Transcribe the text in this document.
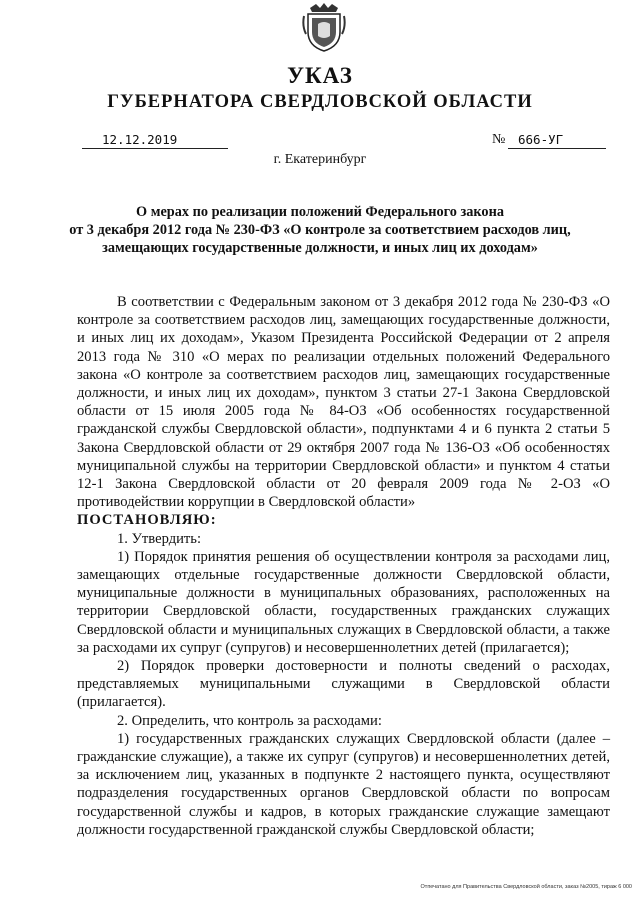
УКАЗ
ГУБЕРНАТОРА СВЕРДЛОВСКОЙ ОБЛАСТИ
12.12.2019	№	666-УГ
г. Екатеринбург
О мерах по реализации положений Федерального закона
от 3 декабря 2012 года № 230-ФЗ «О контроле за соответствием расходов лиц,
замещающих государственные должности, и иных лиц их доходам»

В соответствии с Федеральным законом от 3 декабря 2012 года № 230-ФЗ «О контроле за соответствием расходов лиц, замещающих государственные должности, и иных лиц их доходам», Указом Президента Российской Федерации от 2 апреля 2013 года № 310 «О мерах по реализации отдельных положений Федерального закона «О контроле за соответствием расходов лиц, замещающих государственные должности, и иных лиц их доходам», пунктом 3 статьи 27-1 Закона Свердловской области от 15 июля 2005 года № 84-ОЗ «Об особенностях государственной гражданской службы Свердловской области», подпунктами 4 и 6 пункта 2 статьи 5 Закона Свердловской области от 29 октября 2007 года № 136-ОЗ «Об особенностях муниципальной службы на территории Свердловской области» и пунктом 4 статьи 12-1 Закона Свердловской области от 20 февраля 2009 года № 2-ОЗ «О противодействии коррупции в Свердловской области»

ПОСТАНОВЛЯЮ:

1. Утвердить:

1) Порядок принятия решения об осуществлении контроля за расходами лиц, замещающих отдельные государственные должности Свердловской области, муниципальные должности в муниципальных образованиях, расположенных на территории Свердловской области, государственных гражданских служащих Свердловской области и муниципальных служащих в Свердловской области, а также за расходами их супруг (супругов) и несовершеннолетних детей (прилагается);

2) Порядок проверки достоверности и полноты сведений о расходах, представляемых муниципальными служащими в Свердловской области (прилагается).

2. Определить, что контроль за расходами:

1) государственных гражданских служащих Свердловской области (далее – гражданские служащие), а также их супруг (супругов) и несовершеннолетних детей, за исключением лиц, указанных в подпункте 2 настоящего пункта, осуществляют подразделения государственных органов Свердловской области по вопросам государственной службы и кадров, в которых гражданские служащие замещают должности государственной гражданской службы Свердловской области;

Отпечатано для Правительства Свердловской области, заказ №2005, тираж 6 000
